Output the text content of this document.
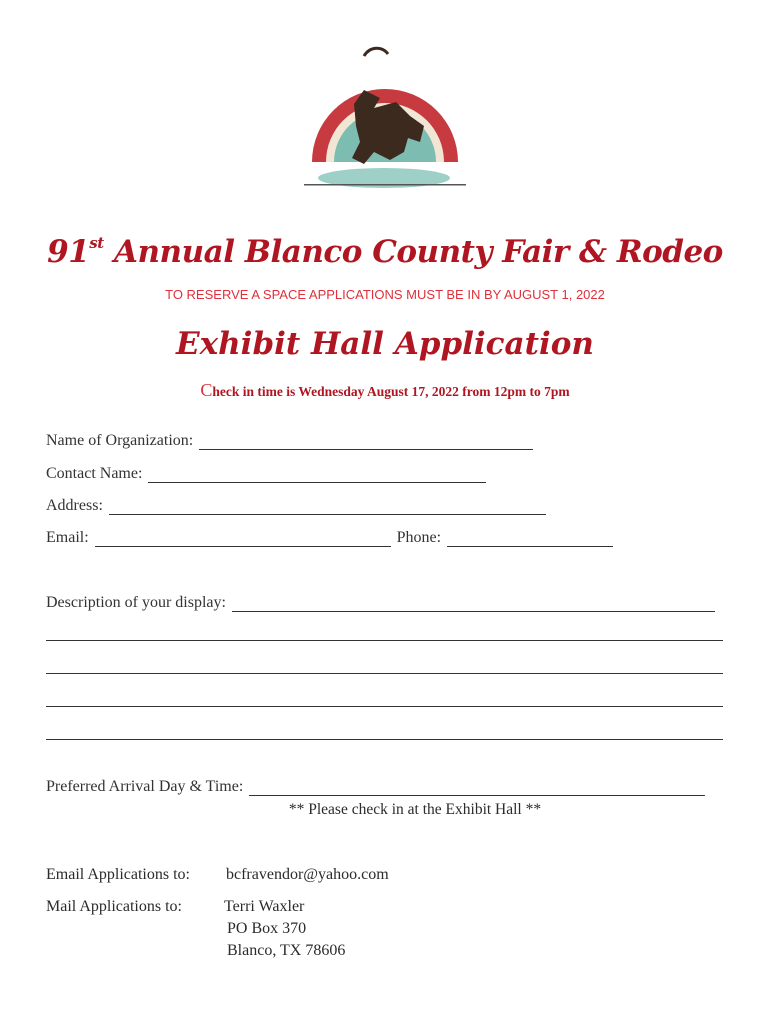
THRILLS EXCITEMENT FUN Let's Go!
91st Annual Blanco County Fair & Rodeo
TO RESERVE A SPACE APPLICATIONS MUST BE IN BY AUGUST 1, 2022
Exhibit Hall Application
Check in time is Wednesday August 17, 2022 from 12pm to 7pm
Name of Organization:
Contact Name:
Address:
Email:	Phone:
Description of your display:
Preferred Arrival Day & Time:
** Please check in at the Exhibit Hall **
Email Applications to: bcfravendor@yahoo.com
Mail Applications to:	Terri Waxler
PO Box 370
Blanco, TX 78606
